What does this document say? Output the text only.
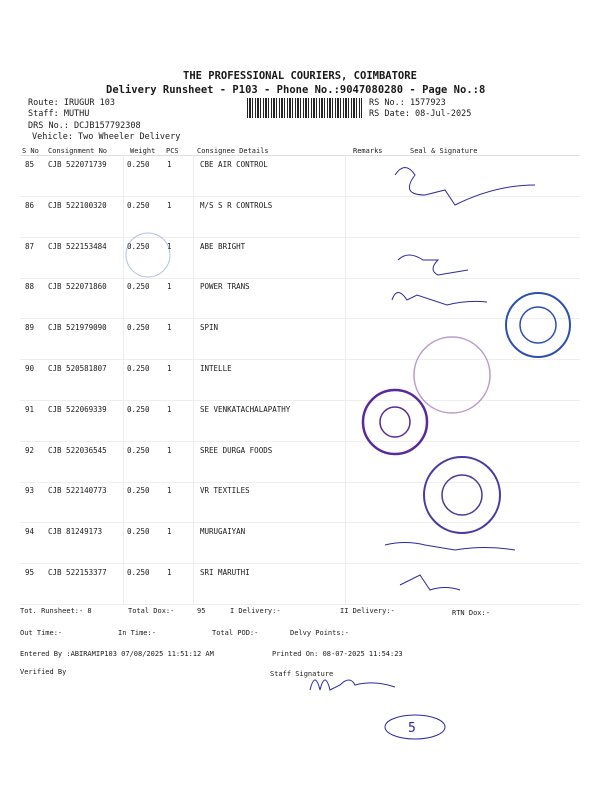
THE PROFESSIONAL COURIERS, COIMBATORE
Delivery Runsheet - P103 - Phone No.:9047080280 - Page No.:8
Route: IRUGUR 103
Staff: MUTHU
DRS No.: DCJB157792308
Vehicle: Two Wheeler Delivery
RS No.: 1577923
RS Date: 08-Jul-2025
S No Consignment No	Weight PCS	Consignee Details	Remarks	Seal & Signature
85 CJB 522071739	0.250 1	CBE AIR CONTROL
86 CJB 522100320	0.250 1	M/S S R CONTROLS
87 CJB 522153484	0.250 1	ABE BRIGHT
88 CJB 522071860	0.250 1	POWER TRANS
89 CJB 521979090	0.250 1	SPIN
90 CJB 520581807	0.250 1	INTELLE
91 CJB 522069339	0.250 1	SE VENKATACHALAPATHY
92 CJB 522036545	0.250 1	SREE DURGA FOODS
93 CJB 522140773	0.250 1	VR TEXTILES
94 CJB 81249173	0.250 1	MURUGAIYAN
95 CJB 522153377	0.250 1	SRI MARUTHI
5
Tot. Runsheet:- 8	Total Dox:-	95	I Delivery:-	II Delivery:-	RTN Dox:-
Out Time:-	In Time:-	Total POD:-	Delvy Points:-
Entered By :ABIRAMIP103 07/08/2025 11:51:12 AM	Printed On: 08-07-2025 11:54:23
Verified By	Staff Signature
